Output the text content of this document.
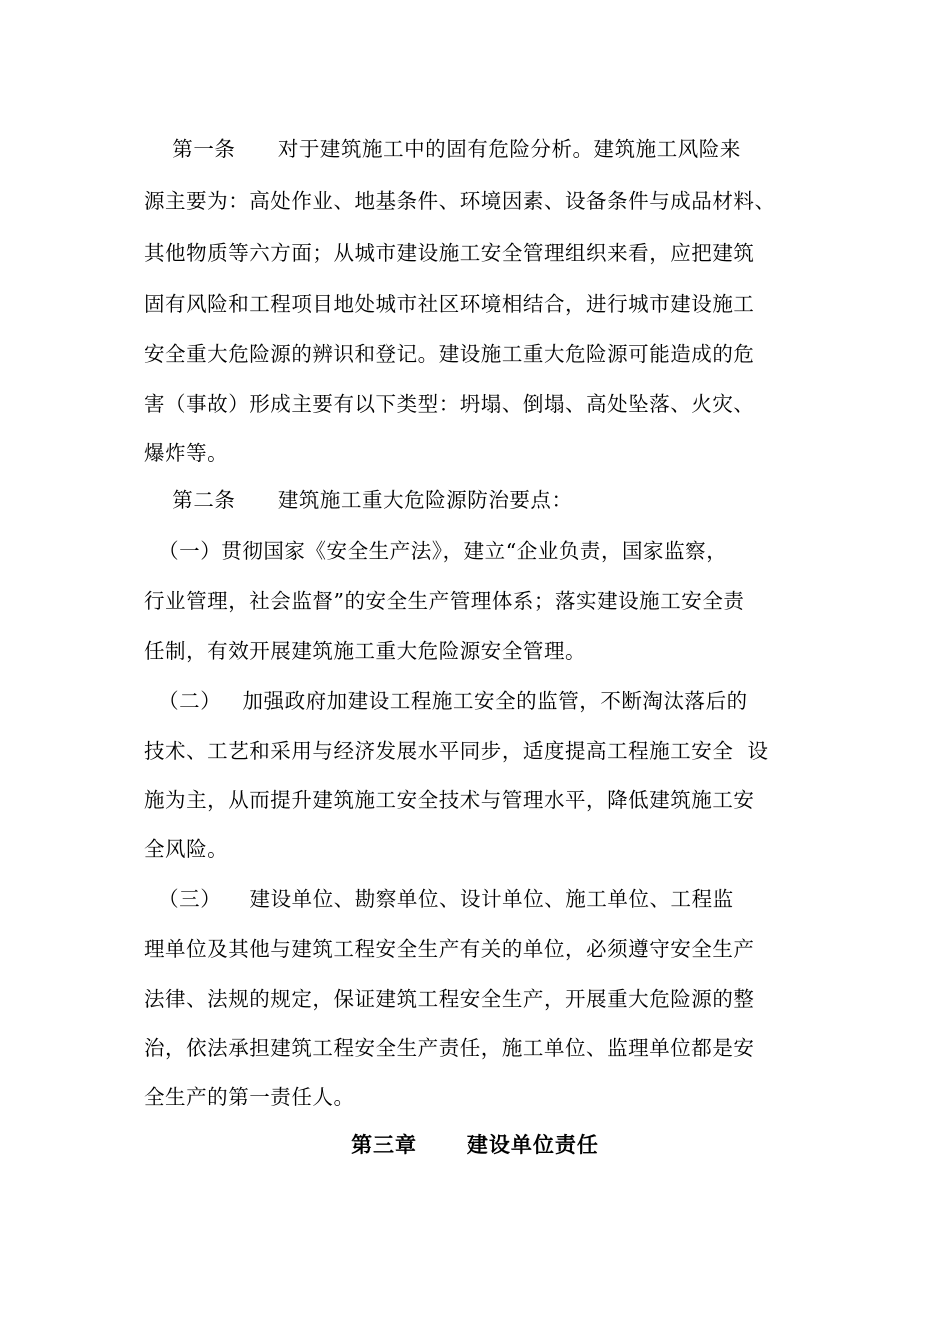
第一条      对于建筑施工中的固有危险分析。建筑施工风险来
源主要为：高处作业、地基条件、环境因素、设备条件与成品材料、
其他物质等六方面；从城市建设施工安全管理组织来看，应把建筑
固有风险和工程项目地处城市社区环境相结合，进行城市建设施工
安全重大危险源的辨识和登记。建设施工重大危险源可能造成的危
害（事故）形成主要有以下类型：坍塌、倒塌、高处坠落、火灾、
爆炸等。
第二条      建筑施工重大危险源防治要点：
（一）贯彻国家《安全生产法》，建立“企业负责，国家监察，
行业管理，社会监督”的安全生产管理体系；落实建设施工安全责
任制，有效开展建筑施工重大危险源安全管理。
（二）   加强政府加建设工程施工安全的监管，不断淘汰落后的
技术、工艺和采用与经济发展水平同步，适度提高工程施工安全  设
施为主，从而提升建筑施工安全技术与管理水平，降低建筑施工安
全风险。
（三）    建设单位、勘察单位、设计单位、施工单位、工程监
理单位及其他与建筑工程安全生产有关的单位，必须遵守安全生产
法律、法规的规定，保证建筑工程安全生产，开展重大危险源的整
治，依法承担建筑工程安全生产责任，施工单位、监理单位都是安
全生产的第一责任人。
第三章      建设单位责任
